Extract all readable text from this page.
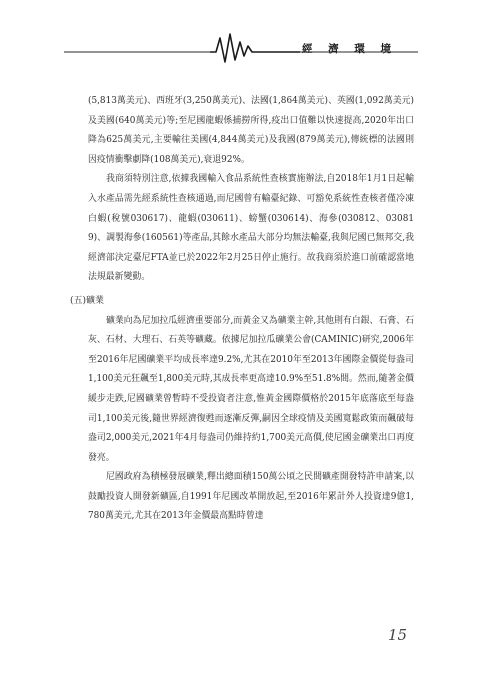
經 濟 環 境

(5,813萬美元)、西班牙(3,250萬美元)、法國(1,864萬美元)、英國(1,092萬美元)及美國(640萬美元)等;至尼國龍蝦係捕撈所得,疫出口值難以快速提高,2020年出口降為625萬美元,主要輸往美國(4,844萬美元)及我國(879萬美元),傳統標的法國則因疫情衝擊劇降(108萬美元),衰退92%。

我商須特別注意,依據我國輸入食品系統性查核實施辦法,自2018年1月1日起輸入水產品需先經系統性查核通過,而尼國曾有輸臺紀錄、可豁免系統性查核者僅冷凍白蝦(稅號030617)、龍蝦(030611)、螃蟹(030614)、海參(030812、030819)、調製海參(160561)等產品,其餘水產品大部分均無法輸臺,我與尼國已無邦交,我經濟部決定臺尼FTA並已於2022年2月25日停止施行。故我商須於進口前確認當地法規最新變動。

(五)礦業

礦業向為尼加拉瓜經濟重要部分,而黃金又為礦業主幹,其他則有白銀、石膏、石灰、石材、大理石、石英等礦藏。依據尼加拉瓜礦業公會(CAMINIC)研究,2006年至2016年尼國礦業平均成長率達9.2%,尤其在2010年至2013年國際金價從每盎司1,100美元狂飆至1,800美元時,其成長率更高達10.9%至51.8%間。然而,隨著金價緩步走跌,尼國礦業曾暫時不受投資者注意,惟黃金國際價格於2015年底落底至每盎司1,100美元後,隨世界經濟復甦而逐漸反彈,嗣因全球疫情及美國寬鬆政策而飆破每盎司2,000美元,2021年4月每盎司仍維持約1,700美元高價,使尼國金礦業出口再度發亮。

尼國政府為積極發展礦業,釋出總面積150萬公頃之民間礦產開發特許申請案,以鼓勵投資人開發新礦區,自1991年尼國改革開放起,至2016年累計外人投資達9億1,780萬美元,尤其在2013年金價最高點時曾達

15
